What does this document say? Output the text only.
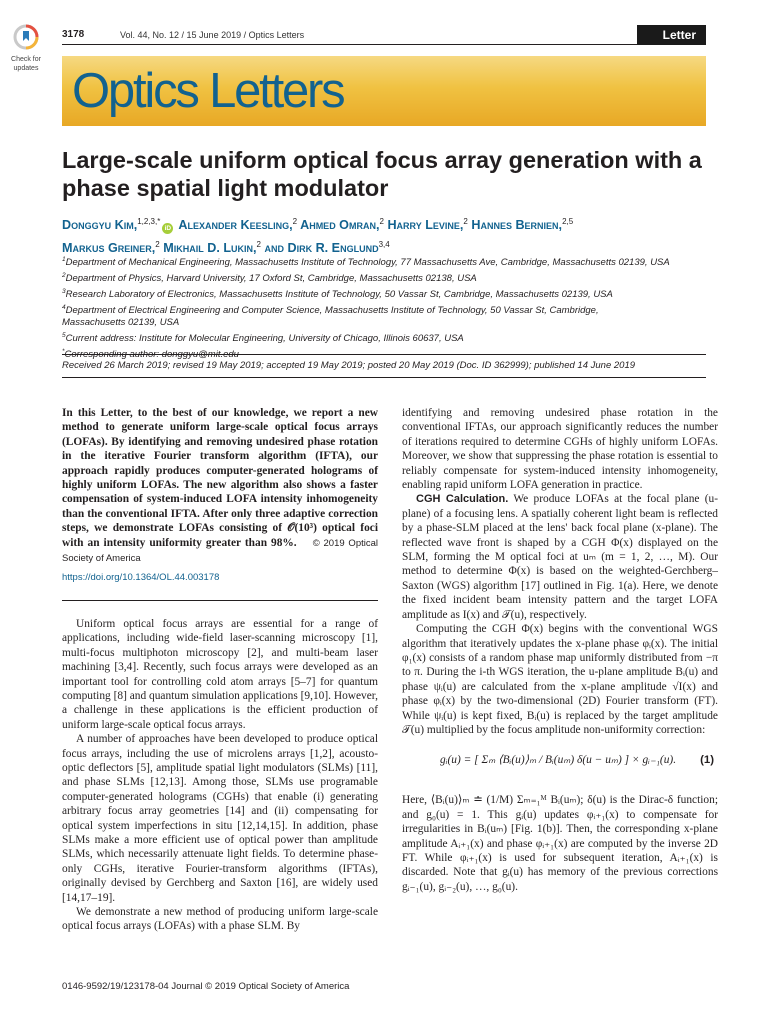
Check for
updates
3178	Vol. 44, No. 12 / 15 June 2019 / Optics Letters	Letter
Optics Letters
Large-scale uniform optical focus array generation with a phase spatial light modulator
Donggyu Kim,$^{1,2,3,*}$iD Alexander Keesling,$^2$ Ahmed Omran,$^2$ Harry Levine,$^2$ Hannes Bernien,$^{2,5}$
Markus Greiner,$^2$ Mikhail D. Lukin,$^2$ and Dirk R. Englund$^{3,4}$
$^1$Department of Mechanical Engineering, Massachusetts Institute of Technology, 77 Massachusetts Ave, Cambridge, Massachusetts 02139, USA
$^2$Department of Physics, Harvard University, 17 Oxford St, Cambridge, Massachusetts 02138, USA
$^3$Research Laboratory of Electronics, Massachusetts Institute of Technology, 50 Vassar St, Cambridge, Massachusetts 02139, USA
$^4$Department of Electrical Engineering and Computer Science, Massachusetts Institute of Technology, 50 Vassar St, Cambridge,
Massachusetts 02139, USA
$^5$Current address: Institute for Molecular Engineering, University of Chicago, Illinois 60637, USA
*Corresponding author: donggyu@mit.edu
Received 26 March 2019; revised 19 May 2019; accepted 19 May 2019; posted 20 May 2019 (Doc. ID 362999); published 14 June 2019

In this Letter, to the best of our knowledge, we report a new method to generate uniform large-scale optical focus arrays (LOFAs). By identifying and removing undesired phase rotation in the iterative Fourier transform algorithm (IFTA), our approach rapidly produces computer-generated holograms of highly uniform LOFAs. The new algorithm also shows a faster compensation of system-induced LOFA intensity inhomogeneity than the conventional IFTA. After only three adaptive correction steps, we demonstrate LOFAs consisting of 𝒪(10³) optical foci with an intensity uniformity greater than 98%. © 2019 Optical Society of America

https://doi.org/10.1364/OL.44.003178

Uniform optical focus arrays are essential for a range of applications, including wide-field laser-scanning microscopy [1], multi-focus multiphoton microscopy [2], and multi-beam laser machining [3,4]. Recently, such focus arrays were developed as an important tool for controlling cold atom arrays [5–7] for quantum computing [8] and quantum simulation applications [9,10]. However, a challenge in these applications is the efficient production of uniform large-scale optical focus arrays.

A number of approaches have been developed to produce optical focus arrays, including the use of microlens arrays [1,2], acousto-optic deflectors [5], amplitude spatial light modulators (SLMs) [11], and phase SLMs [12,13]. Among those, SLMs use programable computer-generated holograms (CGHs) that enable (i) generating arbitrary focus array geometries [14] and (ii) compensating for optical system imperfections in situ [12,14,15]. In addition, phase SLMs make a more efficient use of optical power than amplitude SLMs, which necessarily attenuate light fields. To determine phase-only CGHs, iterative Fourier-transform algorithms (IFTAs), originally devised by Gerchberg and Saxton [16], are widely used [14,17–19].

We demonstrate a new method of producing uniform large-scale optical focus arrays (LOFAs) with a phase SLM. By

identifying and removing undesired phase rotation in the conventional IFTAs, our approach significantly reduces the number of iterations required to determine CGHs of highly uniform LOFAs. Moreover, we show that suppressing the phase rotation is essential to reliably compensate for system-induced intensity inhomogeneity, enabling rapid uniform LOFA generation in practice.

CGH Calculation. We produce LOFAs at the focal plane (u-plane) of a focusing lens. A spatially coherent light beam is reflected by a phase-SLM placed at the lens' back focal plane (x-plane). The reflected wave front is shaped by a CGH Φ(x) displayed on the SLM, forming the M optical foci at uₘ (m = 1, 2, …, M). Our method to determine Φ(x) is based on the weighted-Gerchberg–Saxton (WGS) algorithm [17] outlined in Fig. 1(a). Here, we denote the fixed incident beam intensity pattern and the target LOFA amplitude as I(x) and 𝒯(u), respectively.

Computing the CGH Φ(x) begins with the conventional WGS algorithm that iteratively updates the x-plane phase φᵢ(x). The initial φ₁(x) consists of a random phase map uniformly distributed from −π to π. During the i-th WGS iteration, the u-plane amplitude Bᵢ(u) and phase ψᵢ(u) are calculated from the x-plane amplitude √I(x) and phase φᵢ(x) by the two-dimensional (2D) Fourier transform (FT). While ψᵢ(u) is kept fixed, Bᵢ(u) is replaced by the target amplitude 𝒯(u) multiplied by the focus amplitude non-uniformity correction:

gᵢ(u) = [ Σₘ ⟨Bᵢ(u)⟩ₘ / Bᵢ(uₘ) δ(u − uₘ) ] × gᵢ₋₁(u). (1)

Here, ⟨Bᵢ(u)⟩ₘ ≐ (1/M) Σₘ₌₁ᴹ Bᵢ(uₘ); δ(u) is the Dirac-δ function; and g₀(u) = 1. This gᵢ(u) updates φᵢ₊₁(x) to compensate for irregularities in Bᵢ(uₘ) [Fig. 1(b)]. Then, the corresponding x-plane amplitude Aᵢ₊₁(x) and phase φᵢ₊₁(x) are computed by the inverse 2D FT. While φᵢ₊₁(x) is used for subsequent iteration, Aᵢ₊₁(x) is discarded. Note that gᵢ(u) has memory of the previous corrections gᵢ₋₁(u), gᵢ₋₂(u), …, g₀(u).

0146-9592/19/123178-04 Journal © 2019 Optical Society of America
